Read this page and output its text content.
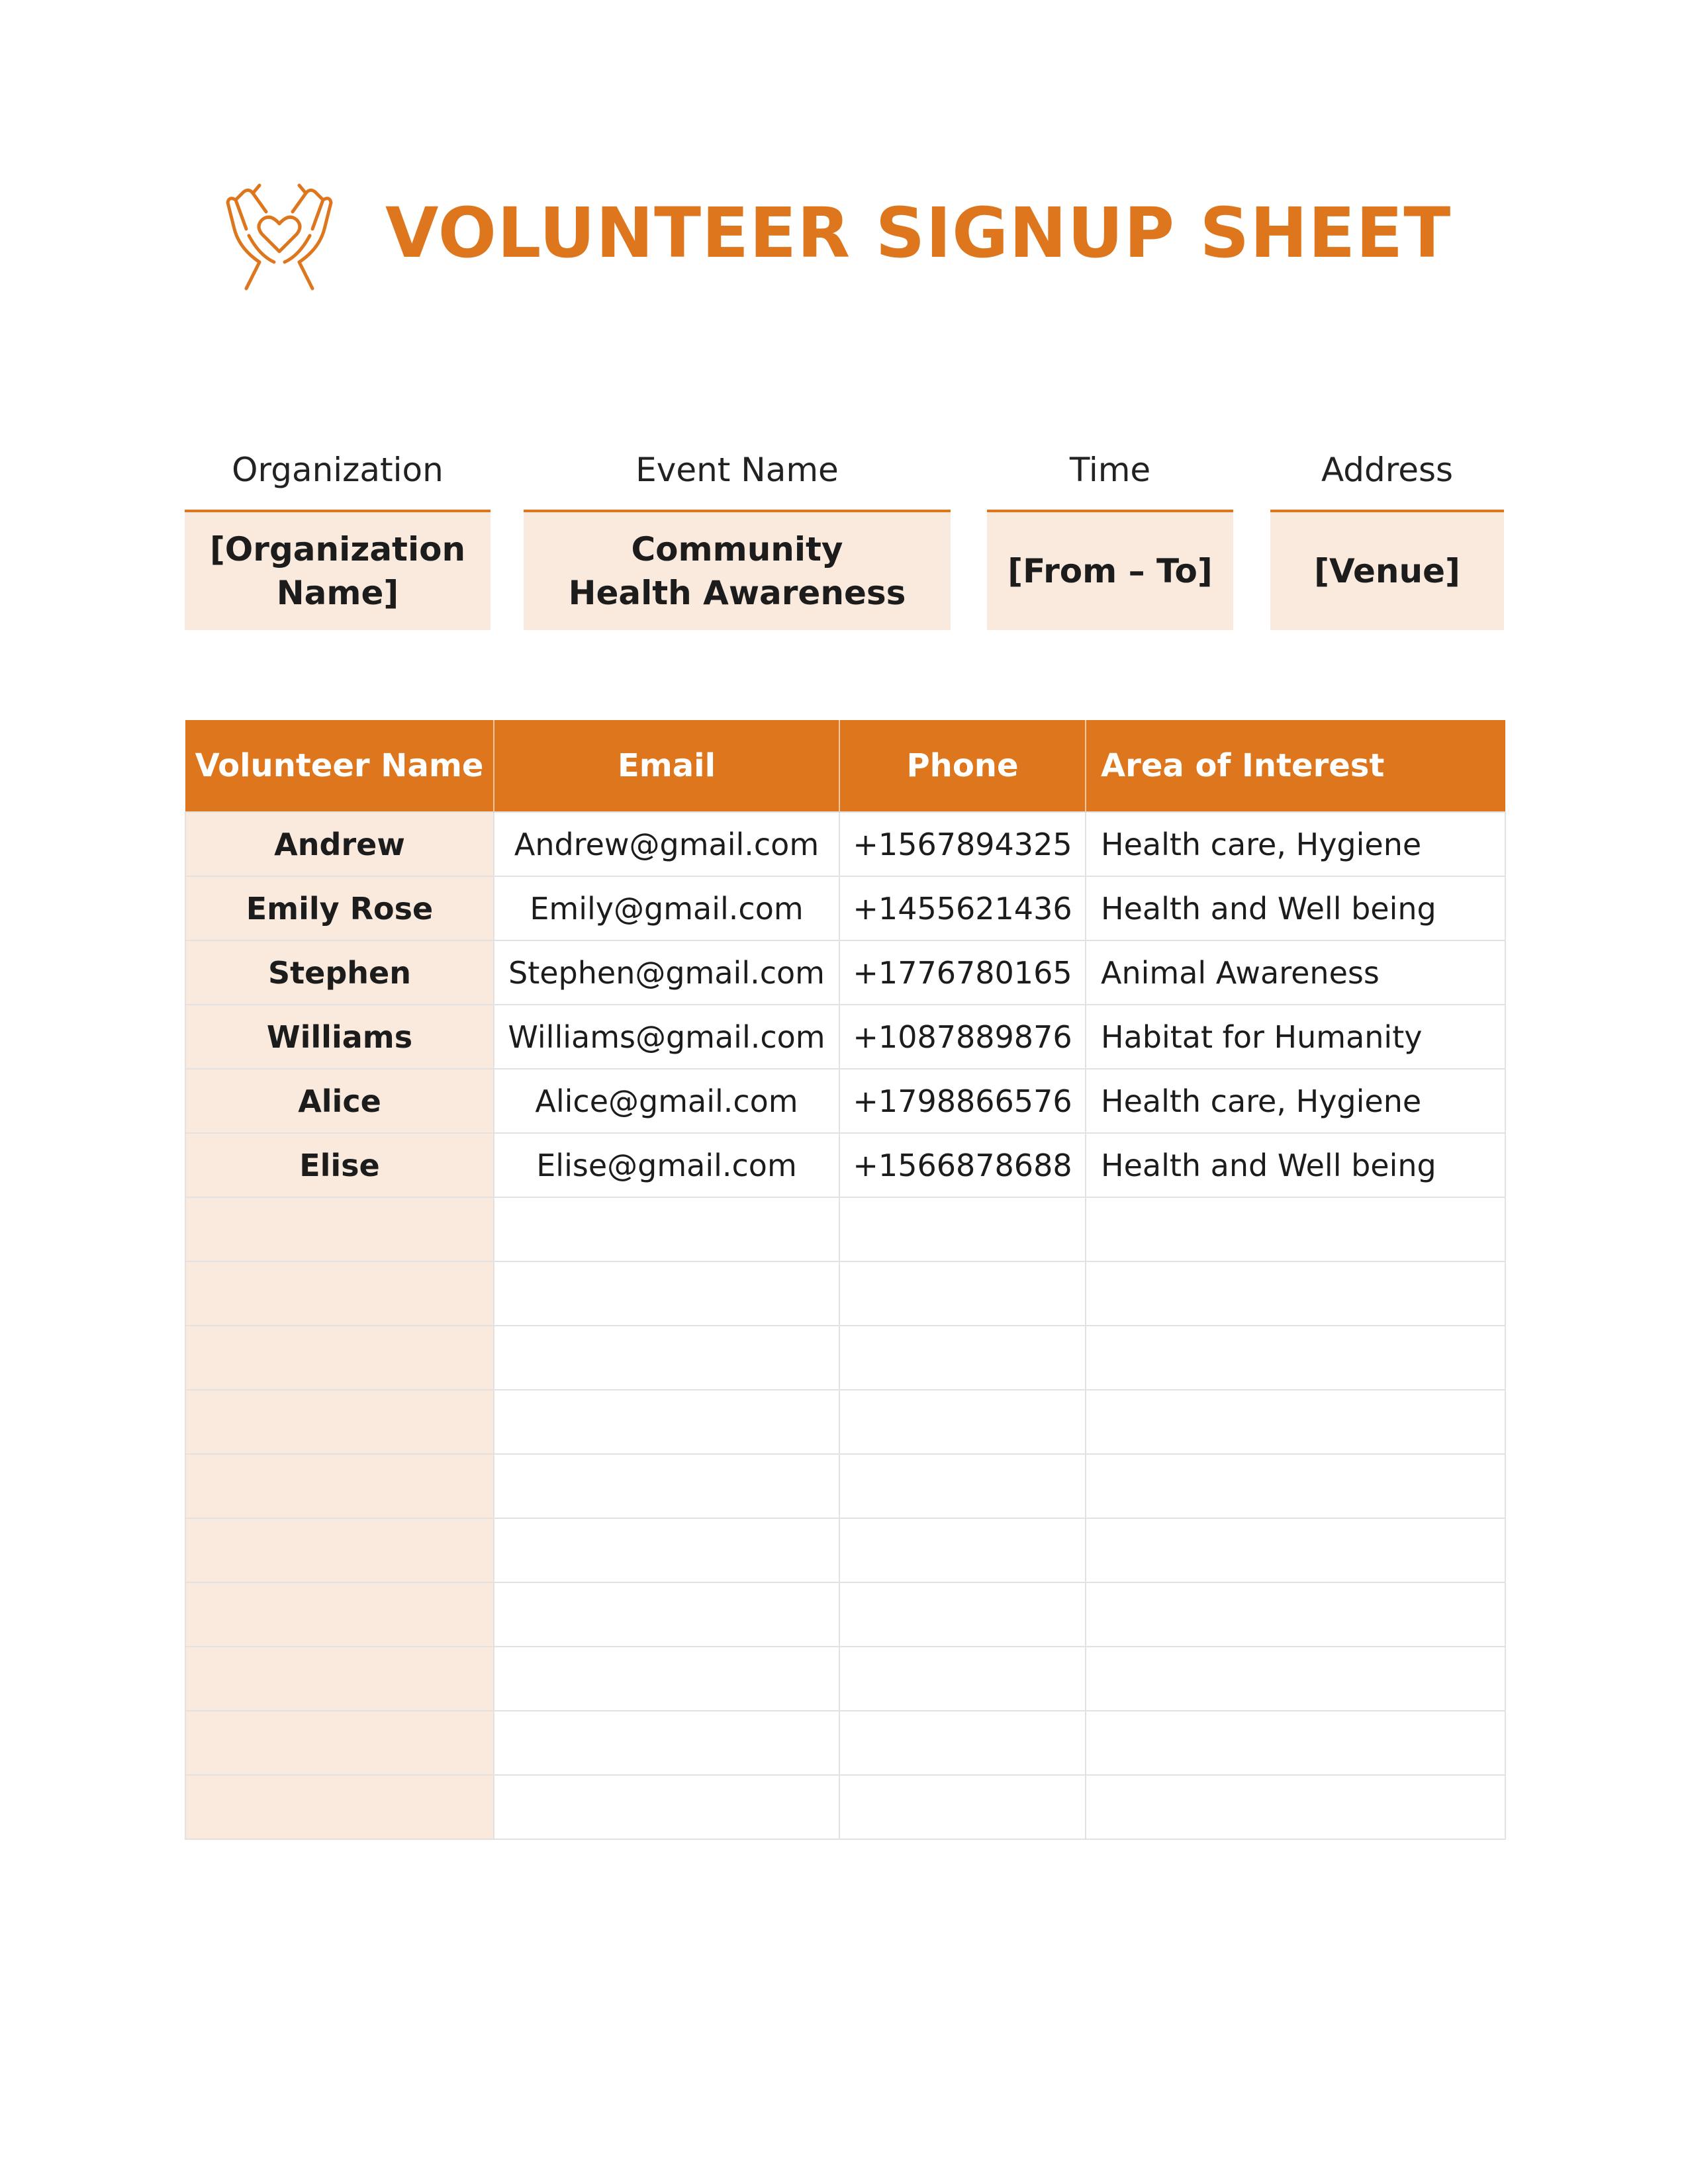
VOLUNTEER SIGNUP SHEET
Organization
[Organization
Name]
Event Name
Community
Health Awareness
Time
[From – To]
Address
[Venue]
Volunteer Name	Email	Phone	Area of Interest
Andrew	Andrew@gmail.com	+1567894325	Health care, Hygiene
Emily Rose	Emily@gmail.com	+1455621436	Health and Well being
Stephen	Stephen@gmail.com	+1776780165	Animal Awareness
Williams	Williams@gmail.com	+1087889876	Habitat for Humanity
Alice	Alice@gmail.com	+1798866576	Health care, Hygiene
Elise	Elise@gmail.com	+1566878688	Health and Well being
